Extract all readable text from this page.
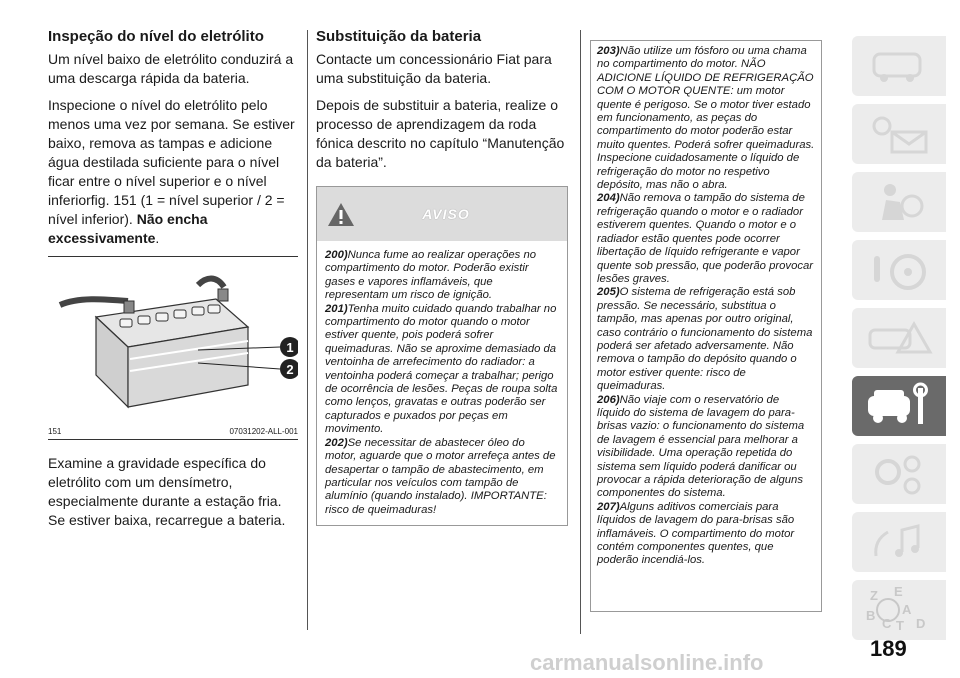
Inspeção do nível do eletrólito

Um nível baixo de eletrólito conduzirá a uma descarga rápida da bateria.

Inspecione o nível do eletrólito pelo menos uma vez por semana. Se estiver baixo, remova as tampas e adicione água destilada suficiente para o nível ficar entre o nível superior e o nível inferiorfig. 151 (1 = nível superior / 2 = nível inferior). Não encha excessivamente.

1
2
151	07031202-ALL-001

Examine a gravidade específica do eletrólito com um densímetro, especialmente durante a estação fria. Se estiver baixa, recarregue a bateria.

Substituição da bateria

Contacte um concessionário Fiat para uma substituição da bateria.

Depois de substituir a bateria, realize o processo de aprendizagem da roda fónica descrito no capítulo “Manutenção da bateria”.

AVISO
200)Nunca fume ao realizar operações no compartimento do motor. Poderão existir gases e vapores inflamáveis, que representam um risco de ignição.
201)Tenha muito cuidado quando trabalhar no compartimento do motor quando o motor estiver quente, pois poderá sofrer queimaduras. Não se aproxime demasiado da ventoinha de arrefecimento do radiador: a ventoinha poderá começar a trabalhar; perigo de ocorrência de lesões. Peças de roupa solta como lenços, gravatas e outras poderão ser capturados e puxados por peças em movimento.
202)Se necessitar de abastecer óleo do motor, aguarde que o motor arrefeça antes de desapertar o tampão de abastecimento, em particular nos veículos com tampão de alumínio (quando instalado). IMPORTANTE: risco de queimaduras!
203)Não utilize um fósforo ou uma chama no compartimento do motor. NÃO ADICIONE LÍQUIDO DE REFRIGERAÇÃO COM O MOTOR QUENTE: um motor quente é perigoso. Se o motor tiver estado em funcionamento, as peças do compartimento do motor poderão estar muito quentes. Poderá sofrer queimaduras. Inspecione cuidadosamente o líquido de refrigeração do motor no respetivo depósito, mas não o abra.
204)Não remova o tampão do sistema de refrigeração quando o motor e o radiador estiverem quentes. Quando o motor e o radiador estão quentes pode ocorrer libertação de líquido refrigerante e vapor quente sob pressão, que poderão provocar lesões graves.
205)O sistema de refrigeração está sob pressão. Se necessário, substitua o tampão, mas apenas por outro original, caso contrário o funcionamento do sistema poderá ser afetado adversamente. Não remova o tampão do depósito quando o motor estiver quente: risco de queimaduras.
206)Não viaje com o reservatório de líquido do sistema de lavagem do para-brisas vazio: o funcionamento do sistema de lavagem é essencial para melhorar a visibilidade. Uma operação repetida do sistema sem líquido poderá danificar ou provocar a rápida deterioração de alguns componentes do sistema.
207)Alguns aditivos comerciais para líquidos de lavagem do para-brisas são inflamáveis. O compartimento do motor contém componentes quentes, que poderão incendiá-los.
Z E
A
B
C T D
189
carmanualsonline.info
